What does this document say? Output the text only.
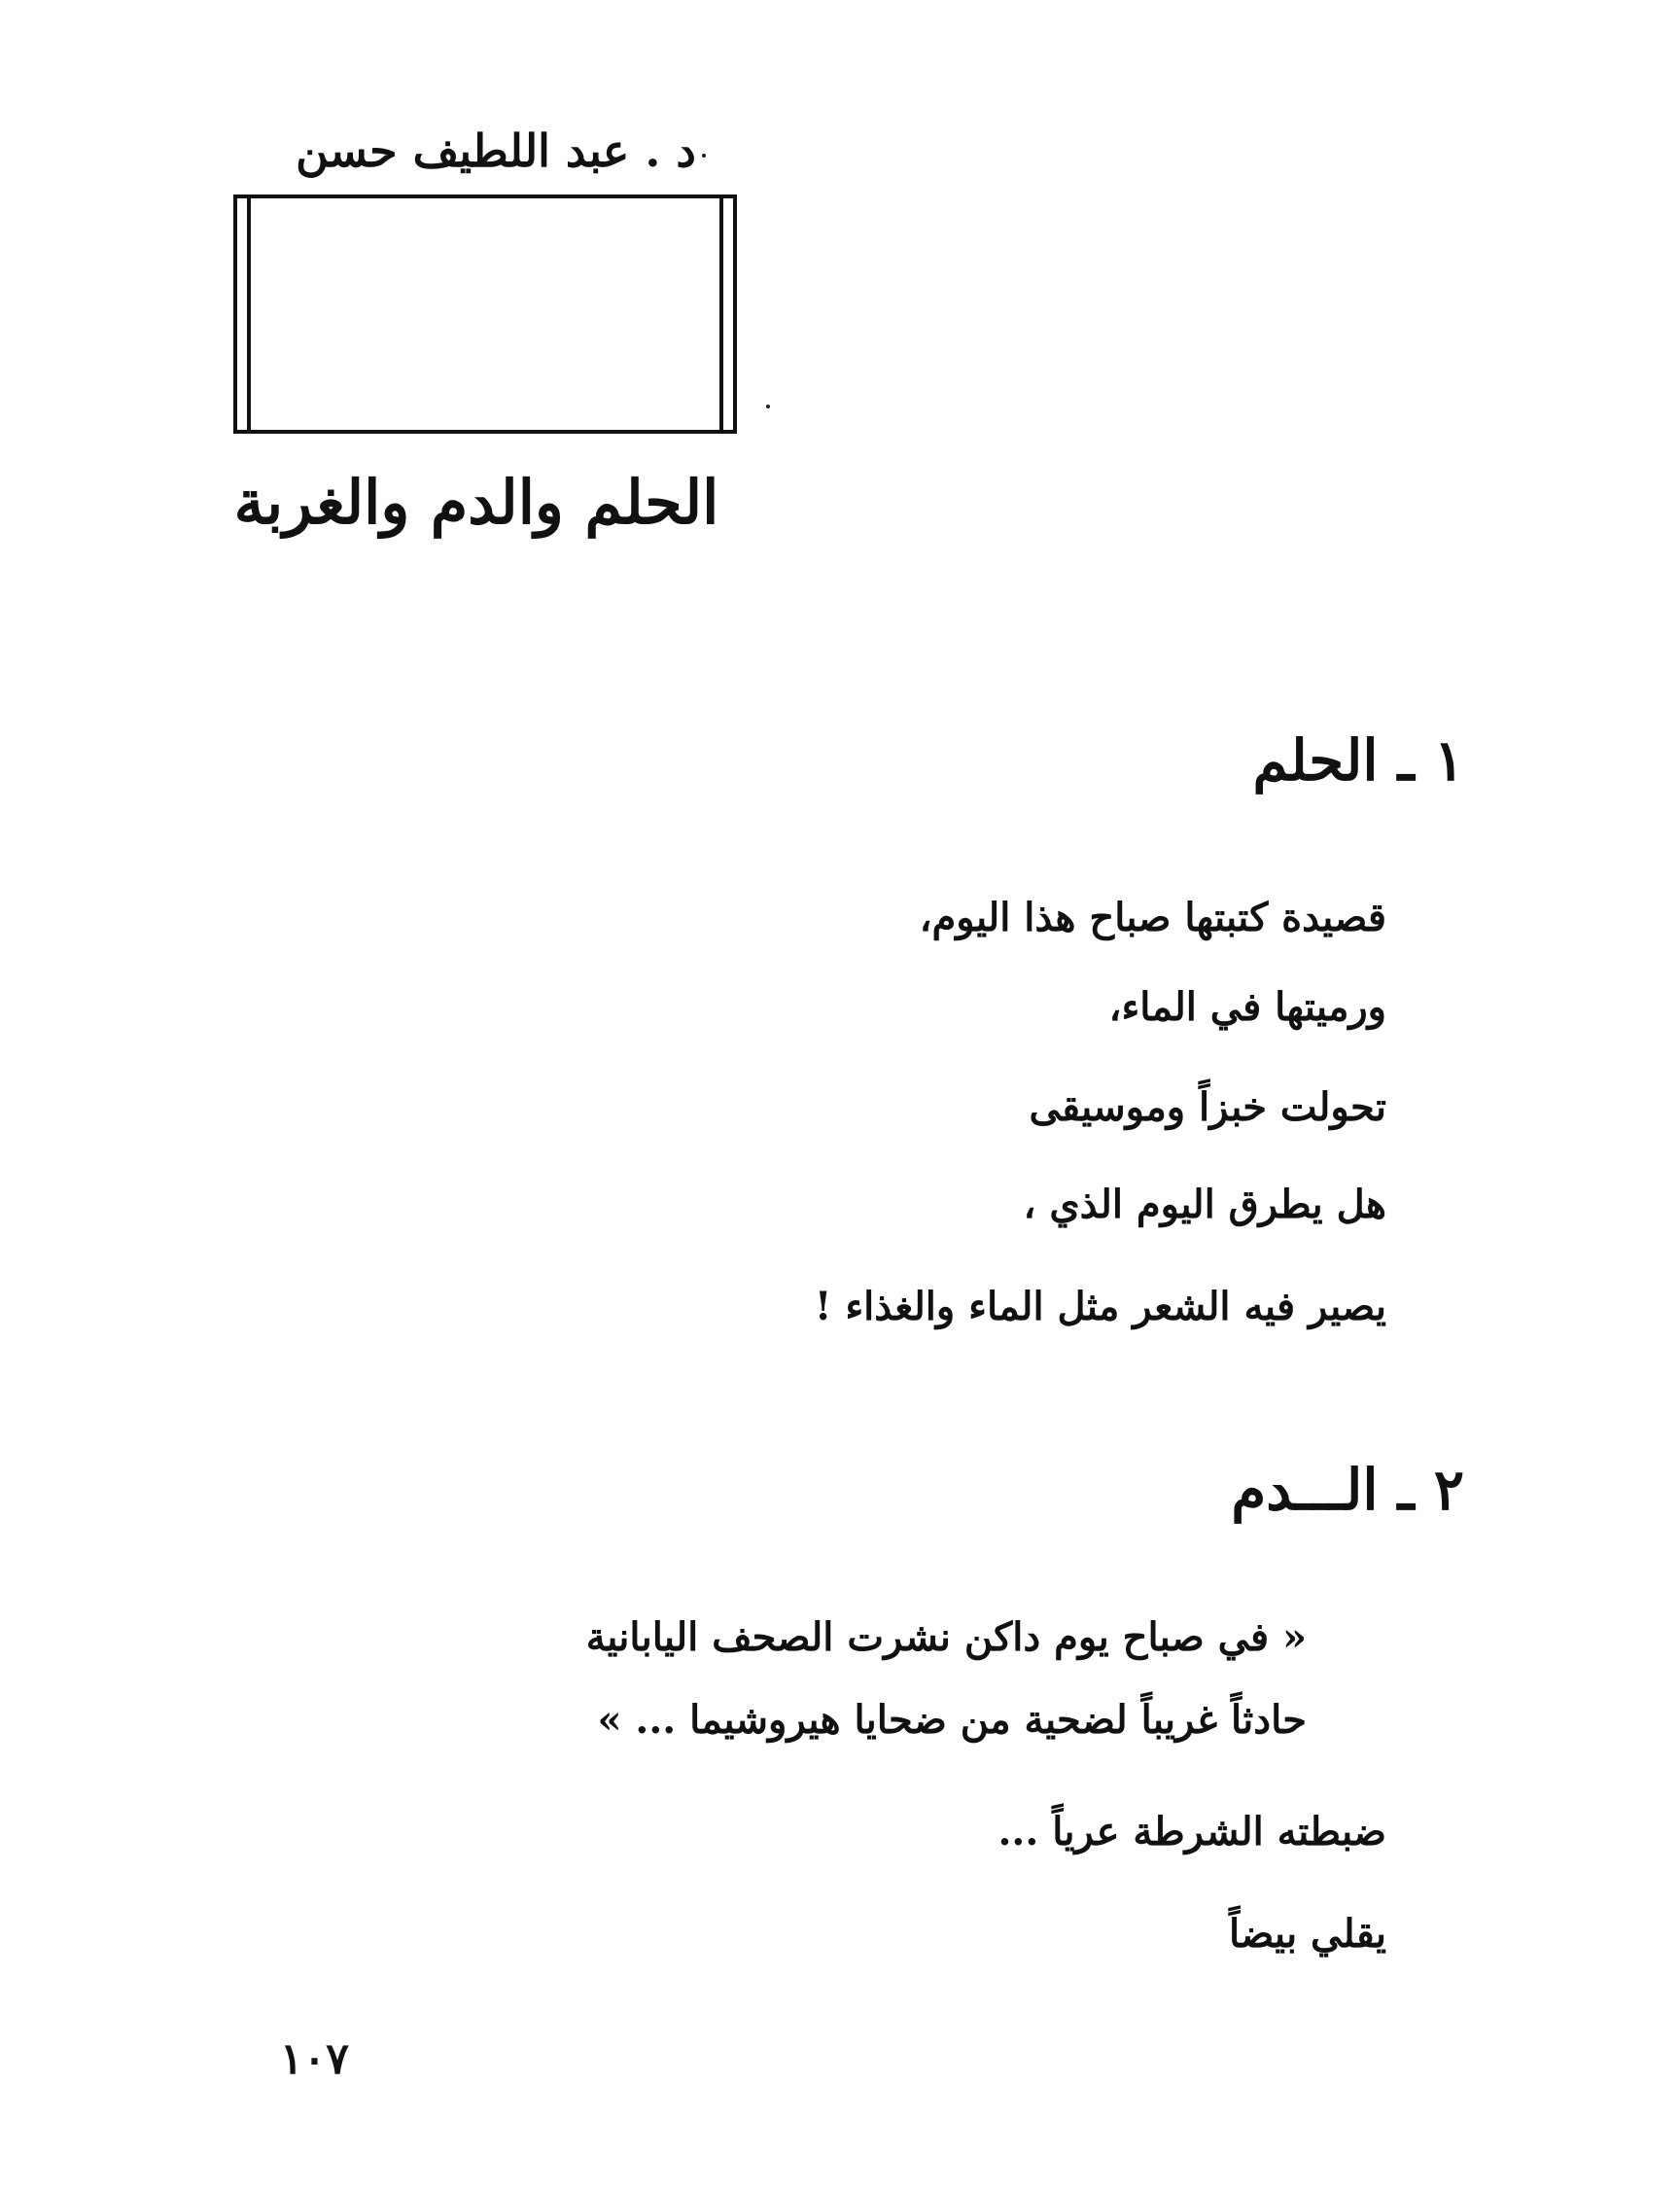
د . عبد اللطيف حسن
الحلم والدم والغربة
١ ـ الحلم
قصيدة كتبتها صباح هذا اليوم،
ورميتها في الماء،
تحولت خبزاً وموسيقى
هل يطرق اليوم الذي ،
يصير فيه الشعر مثل الماء والغذاء !
٢ ـ الـــدم
« في صباح يوم داكن نشرت الصحف اليابانية
حادثاً غريباً لضحية من ضحايا هيروشيما ... »
ضبطته الشرطة عرياً ...
يقلي بيضاً
١٠٧
